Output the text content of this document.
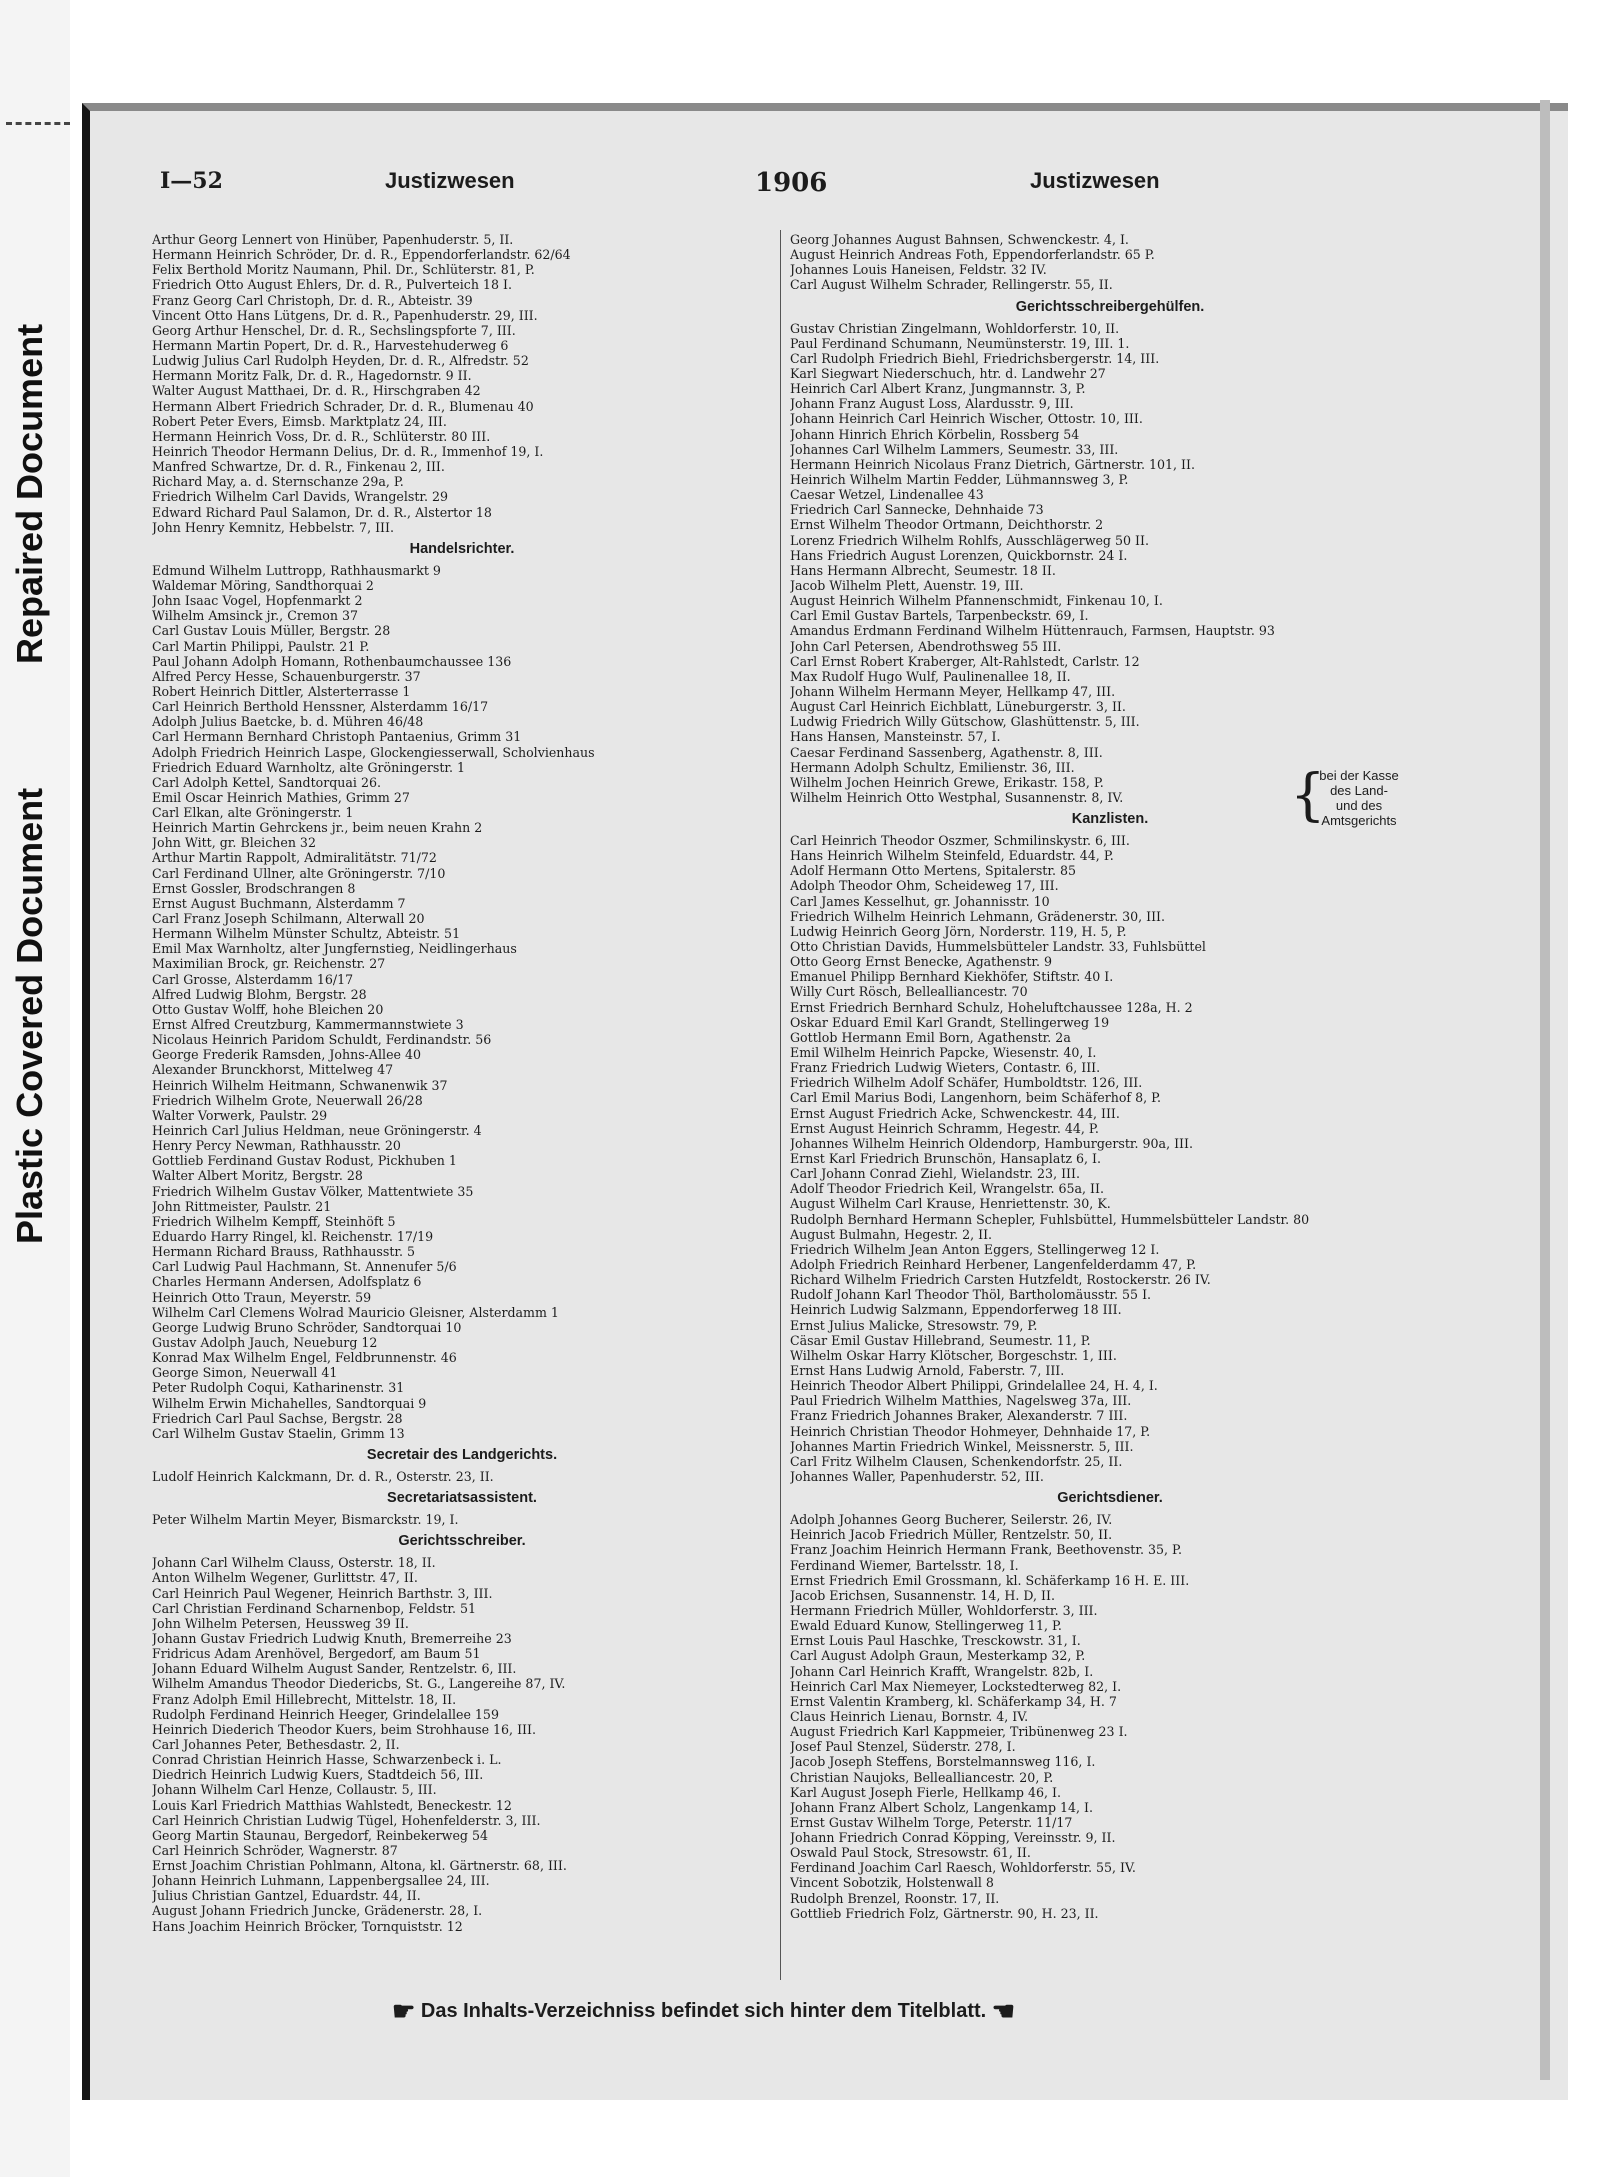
Repaired Document
Plastic Covered Document
I—52	Justizwesen	1906	Justizwesen
Arthur Georg Lennert von Hinüber, Papenhuderstr. 5, II.
Hermann Heinrich Schröder, Dr. d. R., Eppendorferlandstr. 62/64
Felix Berthold Moritz Naumann, Phil. Dr., Schlüterstr. 81, P.
Friedrich Otto August Ehlers, Dr. d. R., Pulverteich 18 I.
Franz Georg Carl Christoph, Dr. d. R., Abteistr. 39
Vincent Otto Hans Lütgens, Dr. d. R., Papenhuderstr. 29, III.
Georg Arthur Henschel, Dr. d. R., Sechslingspforte 7, III.
Hermann Martin Popert, Dr. d. R., Harvestehuderweg 6
Ludwig Julius Carl Rudolph Heyden, Dr. d. R., Alfredstr. 52
Hermann Moritz Falk, Dr. d. R., Hagedornstr. 9 II.
Walter August Matthaei, Dr. d. R., Hirschgraben 42
Hermann Albert Friedrich Schrader, Dr. d. R., Blumenau 40
Robert Peter Evers, Eimsb. Marktplatz 24, III.
Hermann Heinrich Voss, Dr. d. R., Schlüterstr. 80 III.
Heinrich Theodor Hermann Delius, Dr. d. R., Immenhof 19, I.
Manfred Schwartze, Dr. d. R., Finkenau 2, III.
Richard May, a. d. Sternschanze 29a, P.
Friedrich Wilhelm Carl Davids, Wrangelstr. 29
Edward Richard Paul Salamon, Dr. d. R., Alstertor 18
John Henry Kemnitz, Hebbelstr. 7, III.
Handelsrichter.
Edmund Wilhelm Luttropp, Rathhausmarkt 9
Waldemar Möring, Sandthorquai 2
John Isaac Vogel, Hopfenmarkt 2
Wilhelm Amsinck jr., Cremon 37
Carl Gustav Louis Müller, Bergstr. 28
Carl Martin Philippi, Paulstr. 21 P.
Paul Johann Adolph Homann, Rothenbaumchaussee 136
Alfred Percy Hesse, Schauenburgerstr. 37
Robert Heinrich Dittler, Alsterterrasse 1
Carl Heinrich Berthold Henssner, Alsterdamm 16/17
Adolph Julius Baetcke, b. d. Mühren 46/48
Carl Hermann Bernhard Christoph Pantaenius, Grimm 31
Adolph Friedrich Heinrich Laspe, Glockengiesserwall, Scholvienhaus
Friedrich Eduard Warnholtz, alte Gröningerstr. 1
Carl Adolph Kettel, Sandtorquai 26.
Emil Oscar Heinrich Mathies, Grimm 27
Carl Elkan, alte Gröningerstr. 1
Heinrich Martin Gehrckens jr., beim neuen Krahn 2
John Witt, gr. Bleichen 32
Arthur Martin Rappolt, Admiralitätstr. 71/72
Carl Ferdinand Ullner, alte Gröningerstr. 7/10
Ernst Gossler, Brodschrangen 8
Ernst August Buchmann, Alsterdamm 7
Carl Franz Joseph Schilmann, Alterwall 20
Hermann Wilhelm Münster Schultz, Abteistr. 51
Emil Max Warnholtz, alter Jungfernstieg, Neidlingerhaus
Maximilian Brock, gr. Reichenstr. 27
Carl Grosse, Alsterdamm 16/17
Alfred Ludwig Blohm, Bergstr. 28
Otto Gustav Wolff, hohe Bleichen 20
Ernst Alfred Creutzburg, Kammermannstwiete 3
Nicolaus Heinrich Paridom Schuldt, Ferdinandstr. 56
George Frederik Ramsden, Johns-Allee 40
Alexander Brunckhorst, Mittelweg 47
Heinrich Wilhelm Heitmann, Schwanenwik 37
Friedrich Wilhelm Grote, Neuerwall 26/28
Walter Vorwerk, Paulstr. 29
Heinrich Carl Julius Heldman, neue Gröningerstr. 4
Henry Percy Newman, Rathhausstr. 20
Gottlieb Ferdinand Gustav Rodust, Pickhuben 1
Walter Albert Moritz, Bergstr. 28
Friedrich Wilhelm Gustav Völker, Mattentwiete 35
John Rittmeister, Paulstr. 21
Friedrich Wilhelm Kempff, Steinhöft 5
Eduardo Harry Ringel, kl. Reichenstr. 17/19
Hermann Richard Brauss, Rathhausstr. 5
Carl Ludwig Paul Hachmann, St. Annenufer 5/6
Charles Hermann Andersen, Adolfsplatz 6
Heinrich Otto Traun, Meyerstr. 59
Wilhelm Carl Clemens Wolrad Mauricio Gleisner, Alsterdamm 1
George Ludwig Bruno Schröder, Sandtorquai 10
Gustav Adolph Jauch, Neueburg 12
Konrad Max Wilhelm Engel, Feldbrunnenstr. 46
George Simon, Neuerwall 41
Peter Rudolph Coqui, Katharinenstr. 31
Wilhelm Erwin Michahelles, Sandtorquai 9
Friedrich Carl Paul Sachse, Bergstr. 28
Carl Wilhelm Gustav Staelin, Grimm 13
Secretair des Landgerichts.
Ludolf Heinrich Kalckmann, Dr. d. R., Osterstr. 23, II.
Secretariatsassistent.
Peter Wilhelm Martin Meyer, Bismarckstr. 19, I.
Gerichtsschreiber.
Johann Carl Wilhelm Clauss, Osterstr. 18, II.
Anton Wilhelm Wegener, Gurlittstr. 47, II.
Carl Heinrich Paul Wegener, Heinrich Barthstr. 3, III.
Carl Christian Ferdinand Scharnenbop, Feldstr. 51
John Wilhelm Petersen, Heussweg 39 II.
Johann Gustav Friedrich Ludwig Knuth, Bremerreihe 23
Fridricus Adam Arenhövel, Bergedorf, am Baum 51
Johann Eduard Wilhelm August Sander, Rentzelstr. 6, III.
Wilhelm Amandus Theodor Diedericbs, St. G., Langereihe 87, IV.
Franz Adolph Emil Hillebrecht, Mittelstr. 18, II.
Rudolph Ferdinand Heinrich Heeger, Grindelallee 159
Heinrich Diederich Theodor Kuers, beim Strohhause 16, III.
Carl Johannes Peter, Bethesdastr. 2, II.
Conrad Christian Heinrich Hasse, Schwarzenbeck i. L.
Diedrich Heinrich Ludwig Kuers, Stadtdeich 56, III.
Johann Wilhelm Carl Henze, Collaustr. 5, III.
Louis Karl Friedrich Matthias Wahlstedt, Beneckestr. 12
Carl Heinrich Christian Ludwig Tügel, Hohenfelderstr. 3, III.
Georg Martin Staunau, Bergedorf, Reinbekerweg 54
Carl Heinrich Schröder, Wagnerstr. 87
Ernst Joachim Christian Pohlmann, Altona, kl. Gärtnerstr. 68, III.
Johann Heinrich Luhmann, Lappenbergsallee 24, III.
Julius Christian Gantzel, Eduardstr. 44, II.
August Johann Friedrich Juncke, Grädenerstr. 28, I.
Hans Joachim Heinrich Bröcker, Tornquiststr. 12
Georg Johannes August Bahnsen, Schwenckestr. 4, I.
August Heinrich Andreas Foth, Eppendorferlandstr. 65 P.
Johannes Louis Haneisen, Feldstr. 32 IV.
Carl August Wilhelm Schrader, Rellingerstr. 55, II.
Gerichtsschreibergehülfen.
Gustav Christian Zingelmann, Wohldorferstr. 10, II.
Paul Ferdinand Schumann, Neumünsterstr. 19, III. 1.
Carl Rudolph Friedrich Biehl, Friedrichsbergerstr. 14, III.
Karl Siegwart Niederschuch, htr. d. Landwehr 27
Heinrich Carl Albert Kranz, Jungmannstr. 3, P.
Johann Franz August Loss, Alardusstr. 9, III.
Johann Heinrich Carl Heinrich Wischer, Ottostr. 10, III.
Johann Hinrich Ehrich Körbelin, Rossberg 54
Johannes Carl Wilhelm Lammers, Seumestr. 33, III.
Hermann Heinrich Nicolaus Franz Dietrich, Gärtnerstr. 101, II.
Heinrich Wilhelm Martin Fedder, Lühmannsweg 3, P.
Caesar Wetzel, Lindenallee 43
Friedrich Carl Sannecke, Dehnhaide 73
Ernst Wilhelm Theodor Ortmann, Deichthorstr. 2
Lorenz Friedrich Wilhelm Rohlfs, Ausschlägerweg 50 II.
Hans Friedrich August Lorenzen, Quickbornstr. 24 I.
Hans Hermann Albrecht, Seumestr. 18 II.
Jacob Wilhelm Plett, Auenstr. 19, III.
August Heinrich Wilhelm Pfannenschmidt, Finkenau 10, I.
Carl Emil Gustav Bartels, Tarpenbeckstr. 69, I.
Amandus Erdmann Ferdinand Wilhelm Hüttenrauch, Farmsen, Hauptstr. 93
John Carl Petersen, Abendrothsweg 55 III.
Carl Ernst Robert Kraberger, Alt-Rahlstedt, Carlstr. 12
Max Rudolf Hugo Wulf, Paulinenallee 18, II.
Johann Wilhelm Hermann Meyer, Hellkamp 47, III.
August Carl Heinrich Eichblatt, Lüneburgerstr. 3, II.
Ludwig Friedrich Willy Gütschow, Glashüttenstr. 5, III.
Hans Hansen, Mansteinstr. 57, I.
Caesar Ferdinand Sassenberg, Agathenstr. 8, III.
Hermann Adolph Schultz, Emilienstr. 36, III.
Wilhelm Jochen Heinrich Grewe, Erikastr. 158, P.
Wilhelm Heinrich Otto Westphal, Susannenstr. 8, IV.
Kanzlisten.
Carl Heinrich Theodor Oszmer, Schmilinskystr. 6, III.
Hans Heinrich Wilhelm Steinfeld, Eduardstr. 44, P.
Adolf Hermann Otto Mertens, Spitalerstr. 85
Adolph Theodor Ohm, Scheideweg 17, III.
Carl James Kesselhut, gr. Johannisstr. 10
Friedrich Wilhelm Heinrich Lehmann, Grädenerstr. 30, III.
Ludwig Heinrich Georg Jörn, Norderstr. 119, H. 5, P.
Otto Christian Davids, Hummelsbütteler Landstr. 33, Fuhlsbüttel
Otto Georg Ernst Benecke, Agathenstr. 9
Emanuel Philipp Bernhard Kiekhöfer, Stiftstr. 40 I.
Willy Curt Rösch, Bellealliancestr. 70
Ernst Friedrich Bernhard Schulz, Hoheluftchaussee 128a, H. 2
Oskar Eduard Emil Karl Grandt, Stellingerweg 19
Gottlob Hermann Emil Born, Agathenstr. 2a
Emil Wilhelm Heinrich Papcke, Wiesenstr. 40, I.
Franz Friedrich Ludwig Wieters, Contastr. 6, III.
Friedrich Wilhelm Adolf Schäfer, Humboldtstr. 126, III.
Carl Emil Marius Bodi, Langenhorn, beim Schäferhof 8, P.
Ernst August Friedrich Acke, Schwenckestr. 44, III.
Ernst August Heinrich Schramm, Hegestr. 44, P.
Johannes Wilhelm Heinrich Oldendorp, Hamburgerstr. 90a, III.
Ernst Karl Friedrich Brunschön, Hansaplatz 6, I.
Carl Johann Conrad Ziehl, Wielandstr. 23, III.
Adolf Theodor Friedrich Keil, Wrangelstr. 65a, II.
August Wilhelm Carl Krause, Henriettenstr. 30, K.
Rudolph Bernhard Hermann Schepler, Fuhlsbüttel, Hummelsbütteler Landstr. 80
August Bulmahn, Hegestr. 2, II.
Friedrich Wilhelm Jean Anton Eggers, Stellingerweg 12 I.
Adolph Friedrich Reinhard Herbener, Langenfelderdamm 47, P.
Richard Wilhelm Friedrich Carsten Hutzfeldt, Rostockerstr. 26 IV.
Rudolf Johann Karl Theodor Thöl, Bartholomäusstr. 55 I.
Heinrich Ludwig Salzmann, Eppendorferweg 18 III.
Ernst Julius Malicke, Stresowstr. 79, P.
Cäsar Emil Gustav Hillebrand, Seumestr. 11, P.
Wilhelm Oskar Harry Klötscher, Borgeschstr. 1, III.
Ernst Hans Ludwig Arnold, Faberstr. 7, III.
Heinrich Theodor Albert Philippi, Grindelallee 24, H. 4, I.
Paul Friedrich Wilhelm Matthies, Nagelsweg 37a, III.
Franz Friedrich Johannes Braker, Alexanderstr. 7 III.
Heinrich Christian Theodor Hohmeyer, Dehnhaide 17, P.
Johannes Martin Friedrich Winkel, Meissnerstr. 5, III.
Carl Fritz Wilhelm Clausen, Schenkendorfstr. 25, II.
Johannes Waller, Papenhuderstr. 52, III.
Gerichtsdiener.
Adolph Johannes Georg Bucherer, Seilerstr. 26, IV.
Heinrich Jacob Friedrich Müller, Rentzelstr. 50, II.
Franz Joachim Heinrich Hermann Frank, Beethovenstr. 35, P.
Ferdinand Wiemer, Bartelsstr. 18, I.
Ernst Friedrich Emil Grossmann, kl. Schäferkamp 16 H. E. III.
Jacob Erichsen, Susannenstr. 14, H. D, II.
Hermann Friedrich Müller, Wohldorferstr. 3, III.
Ewald Eduard Kunow, Stellingerweg 11, P.
Ernst Louis Paul Haschke, Tresckowstr. 31, I.
Carl August Adolph Graun, Mesterkamp 32, P.
Johann Carl Heinrich Krafft, Wrangelstr. 82b, I.
Heinrich Carl Max Niemeyer, Lockstedterweg 82, I.
Ernst Valentin Kramberg, kl. Schäferkamp 34, H. 7
Claus Heinrich Lienau, Bornstr. 4, IV.
August Friedrich Karl Kappmeier, Tribünenweg 23 I.
Josef Paul Stenzel, Süderstr. 278, I.
Jacob Joseph Steffens, Borstelmannsweg 116, I.
Christian Naujoks, Bellealliancestr. 20, P.
Karl August Joseph Fierle, Hellkamp 46, I.
Johann Franz Albert Scholz, Langenkamp 14, I.
Ernst Gustav Wilhelm Torge, Peterstr. 11/17
Johann Friedrich Conrad Köpping, Vereinsstr. 9, II.
Oswald Paul Stock, Stresowstr. 61, II.
Ferdinand Joachim Carl Raesch, Wohldorferstr. 55, IV.
Vincent Sobotzik, Holstenwall 8
Rudolph Brenzel, Roonstr. 17, II.
Gottlieb Friedrich Folz, Gärtnerstr. 90, H. 23, II.
{
bei der Kasse
des Land-
und des
Amtsgerichts
☛ Das Inhalts-Verzeichniss befindet sich hinter dem Titelblatt. ☚
